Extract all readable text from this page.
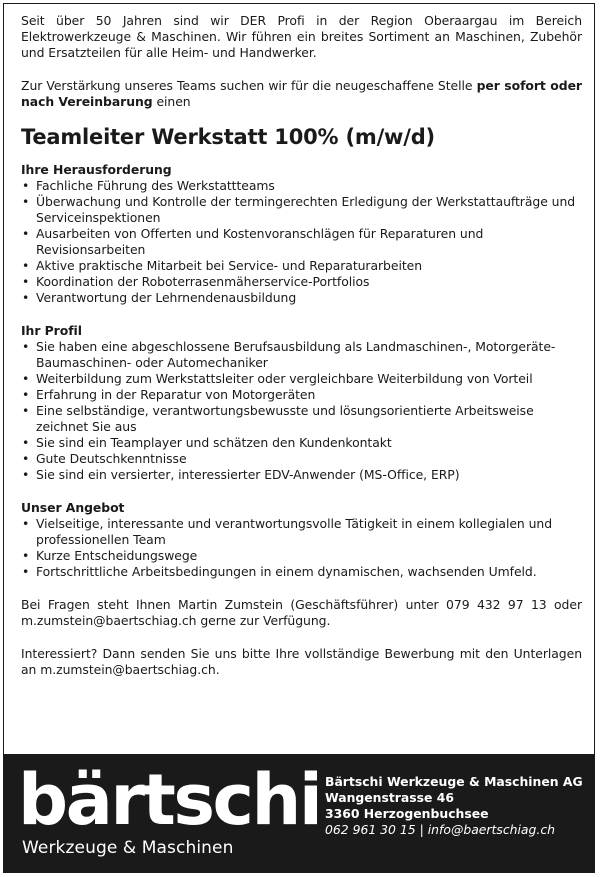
Seit über 50 Jahren sind wir DER Profi in der Region Oberaargau im Bereich Elektrowerkzeuge & Maschinen. Wir führen ein breites Sortiment an Maschinen, Zubehör und Ersatzteilen für alle Heim- und Handwerker.

Zur Verstärkung unseres Teams suchen wir für die neugeschaffene Stelle per sofort oder nach Vereinbarung einen

Teamleiter Werkstatt 100% (m/w/d)

Ihre Herausforderung

• Fachliche Führung des Werkstattteams
• Überwachung und Kontrolle der termingerechten Erledigung der Werkstattaufträge und Serviceinspektionen
• Ausarbeiten von Offerten und Kostenvoranschlägen für Reparaturen und Revisionsarbeiten
• Aktive praktische Mitarbeit bei Service- und Reparaturarbeiten
• Koordination der Roboterrasenmäherservice-Portfolios
• Verantwortung der Lehrnendenausbildung

Ihr Profil

• Sie haben eine abgeschlossene Berufsausbildung als Landmaschinen-, Motorgeräte- Baumaschinen- oder Automechaniker
• Weiterbildung zum Werkstattsleiter oder vergleichbare Weiterbildung von Vorteil
• Erfahrung in der Reparatur von Motorgeräten
• Eine selbständige, verantwortungsbewusste und lösungsorientierte Arbeitsweise zeichnet Sie aus
• Sie sind ein Teamplayer und schätzen den Kundenkontakt
• Gute Deutschkenntnisse
• Sie sind ein versierter, interessierter EDV-Anwender (MS-Office, ERP)

Unser Angebot

• Vielseitige, interessante und verantwortungsvolle Tätigkeit in einem kollegialen und professionellen Team
• Kurze Entscheidungswege
• Fortschrittliche Arbeitsbedingungen in einem dynamischen, wachsenden Umfeld.

Bei Fragen steht Ihnen Martin Zumstein (Geschäftsführer) unter 079 432 97 13 oder m.zumstein@baertschiag.ch gerne zur Verfügung.

Interessiert? Dann senden Sie uns bitte Ihre vollständige Bewerbung mit den Unterlagen an m.zumstein@baertschiag.ch.

bärtschi
Werkzeuge & Maschinen
Bärtschi Werkzeuge & Maschinen AG
Wangenstrasse 46
3360 Herzogenbuchsee
062 961 30 15 | info@baertschiag.ch
